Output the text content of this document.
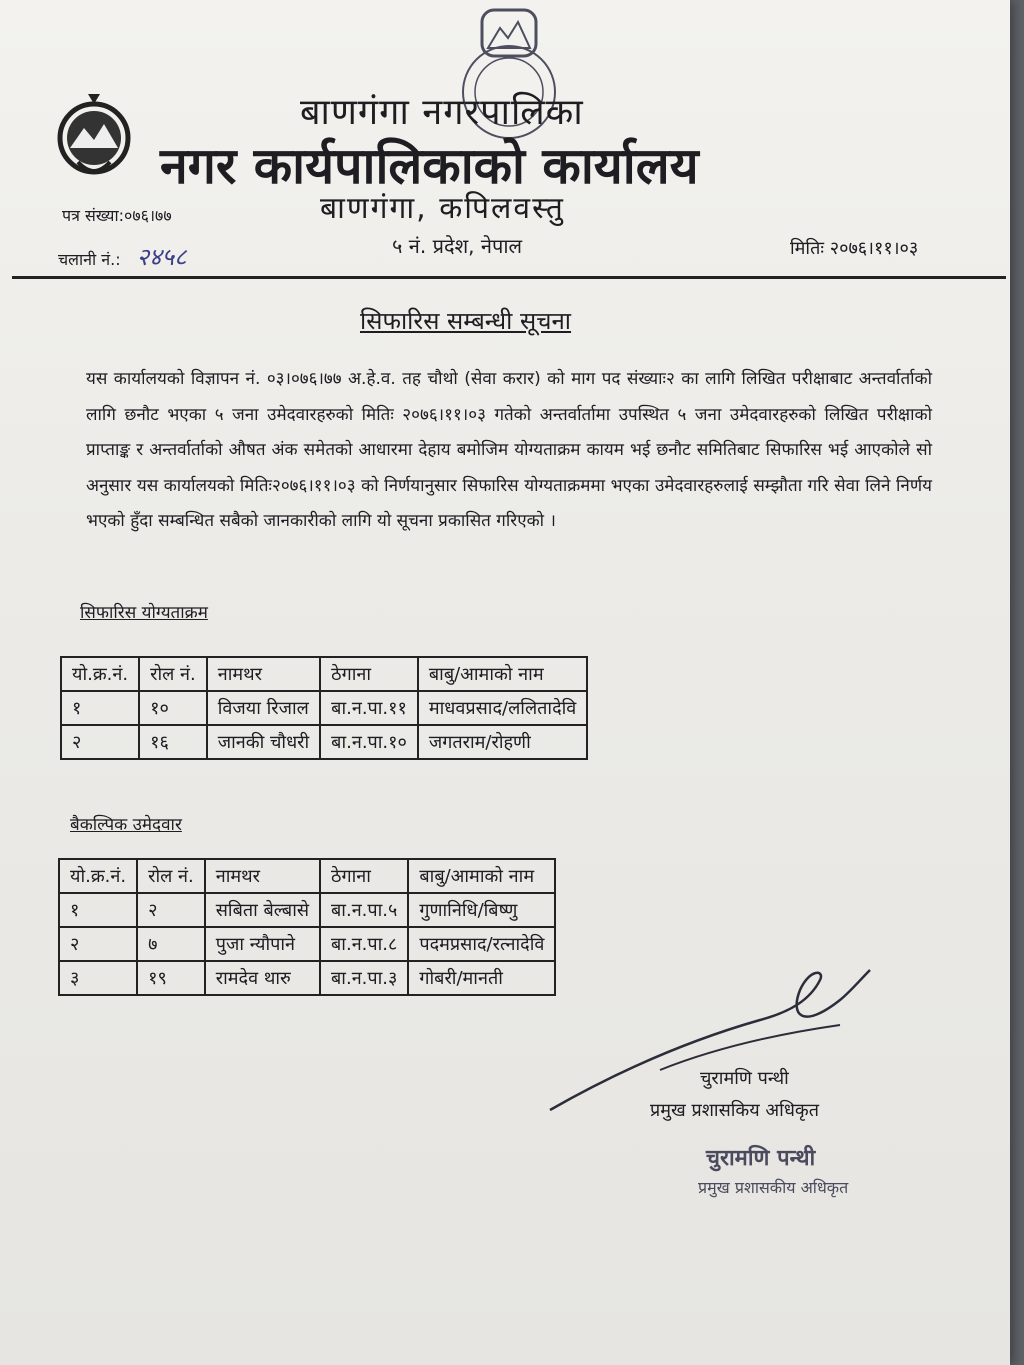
बाणगंगा नगरपालिका
नगर कार्यपालिकाको कार्यालय
बाणगंगा, कपिलवस्तु
५ नं. प्रदेश, नेपाल
पत्र संख्या:०७६।७७
चलानी नं.: २४५८	मितिः २०७६।११।०३
सिफारिस सम्बन्धी सूचना
यस कार्यालयको विज्ञापन नं. ०३।०७६।७७ अ.हे.व. तह चौथो (सेवा करार) को माग पद संख्याः२ का लागि लिखित परीक्षाबाट अन्तर्वार्ताको लागि छनौट भएका ५ जना उमेदवारहरुको मितिः २०७६।११।०३ गतेको अन्तर्वार्तामा उपस्थित ५ जना उमेदवारहरुको लिखित परीक्षाको प्राप्ताङ्क र अन्तर्वार्ताको औषत अंक समेतको आधारमा देहाय बमोजिम योग्यताक्रम कायम भई छनौट समितिबाट सिफारिस भई आएकोले सो अनुसार यस कार्यालयको मितिः२०७६।११।०३ को निर्णयानुसार सिफारिस योग्यताक्रममा भएका उमेदवारहरुलाई सम्झौता गरि सेवा लिने निर्णय भएको हुँदा सम्बन्धित सबैको जानकारीको लागि यो सूचना प्रकासित गरिएको ।
सिफारिस योग्यताक्रम
यो.क्र.नं.	रोल नं.	नामथर	ठेगाना	बाबु/आमाको नाम
१	१०	विजया रिजाल	बा.न.पा.११	माधवप्रसाद/ललितादेवि
२	१६	जानकी चौधरी	बा.न.पा.१०	जगतराम/रोहणी
बैकल्पिक उमेदवार
यो.क्र.नं.	रोल नं.	नामथर	ठेगाना	बाबु/आमाको नाम
१	२	सबिता बेल्बासे	बा.न.पा.५	गुणानिधि/बिष्णु
२	७	पुजा न्यौपाने	बा.न.पा.८	पदमप्रसाद/रत्नादेवि
३	१९	रामदेव थारु	बा.न.पा.३	गोबरी/मानती
चुरामणि पन्थी
प्रमुख प्रशासकिय अधिकृत
चुरामणि पन्थी
प्रमुख प्रशासकीय अधिकृत
